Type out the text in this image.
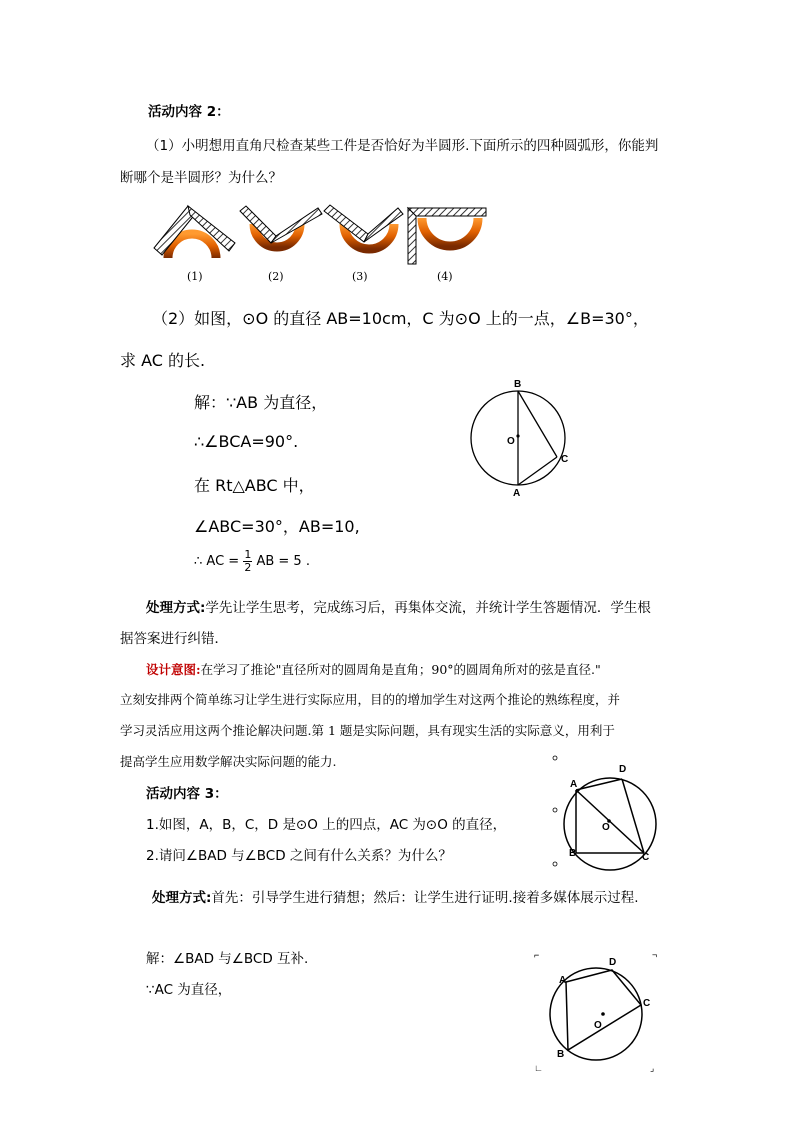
活动内容 2：
（1）小明想用直角尺检查某些工件是否恰好为半圆形.下面所示的四种圆弧形，你能判
断哪个是半圆形？为什么？
(1)	(2)	(3)	(4)
（2）如图，⊙O 的直径 AB=10cm，C 为⊙O 上的一点，∠B=30°，
求 AC 的长.
解：∵AB 为直径，
∴∠BCA=90°.
在 Rt△ABC 中，
∠ABC=30°，AB=10,
∴ AC = $\frac{1}{2}$ AB = 5 .
B
O
C
A
处理方式:学先让学生思考，完成练习后，再集体交流，并统计学生答题情况．学生根
据答案进行纠错．
设计意图:在学习了推论"直径所对的圆周角是直角；90°的圆周角所对的弦是直径."
立刻安排两个简单练习让学生进行实际应用，目的的增加学生对这两个推论的熟练程度，并
学习灵活应用这两个推论解决问题.第 1 题是实际问题，具有现实生活的实际意义，用利于
提高学生应用数学解决实际问题的能力.
活动内容 3：
1.如图，A，B，C，D 是⊙O 上的四点，AC 为⊙O 的直径，
2.请问∠BAD 与∠BCD 之间有什么关系？为什么？
A
D
O
B	C
处理方式:首先：引导学生进行猜想；然后：让学生进行证明.接着多媒体展示过程.
解：∠BAD 与∠BCD 互补.
∵AC 为直径，
⌐	¬
∟	⌟
A
D
C
O
B
